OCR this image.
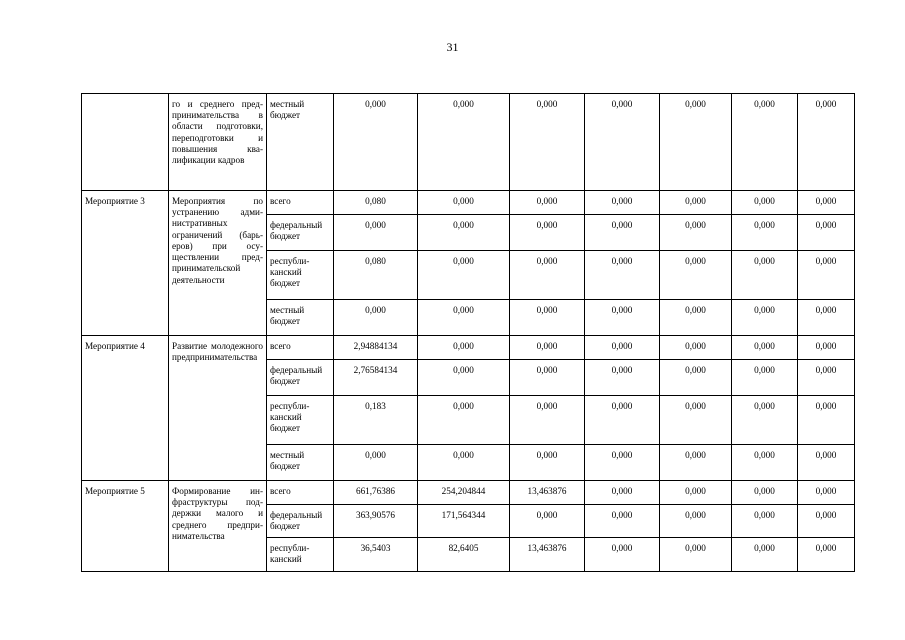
31
	го и среднего предпринимательства в области подготовки, переподготовки и повышения квалификации кадров	местный бюджет	0,000	0,000	0,000	0,000	0,000	0,000	0,000
Мероприятие 3	Мероприятия по устранению административных ограничений (барьеров) при осуществлении предпринимательской деятельности	всего	0,080	0,000	0,000	0,000	0,000	0,000	0,000
		федеральный бюджет	0,000	0,000	0,000	0,000	0,000	0,000	0,000
		республиканский бюджет	0,080	0,000	0,000	0,000	0,000	0,000	0,000
		местный бюджет	0,000	0,000	0,000	0,000	0,000	0,000	0,000
Мероприятие 4	Развитие молодежного предпринимательства	всего	2,94884134	0,000	0,000	0,000	0,000	0,000	0,000
		федеральный бюджет	2,76584134	0,000	0,000	0,000	0,000	0,000	0,000
		республиканский бюджет	0,183	0,000	0,000	0,000	0,000	0,000	0,000
		местный бюджет	0,000	0,000	0,000	0,000	0,000	0,000	0,000
Мероприятие 5	Формирование инфраструктуры поддержки малого и среднего предпринимательства	всего	661,76386	254,204844	13,463876	0,000	0,000	0,000	0,000
		федеральный бюджет	363,90576	171,564344	0,000	0,000	0,000	0,000	0,000
		республиканский	36,5403	82,6405	13,463876	0,000	0,000	0,000	0,000
